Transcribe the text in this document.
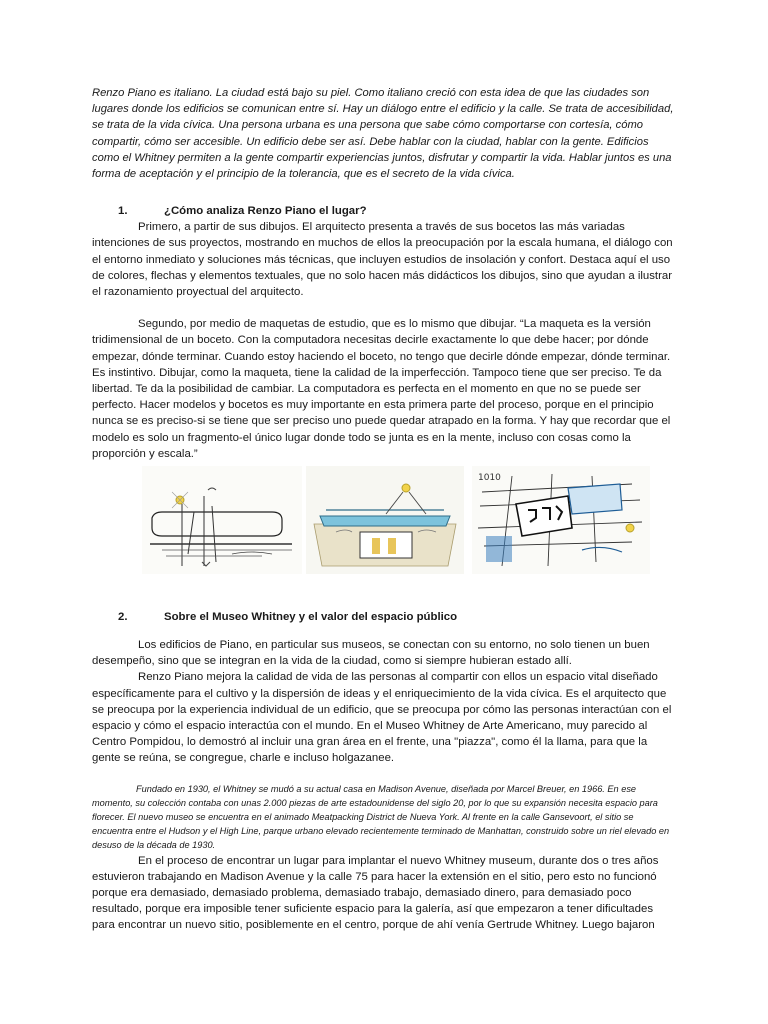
Renzo Piano es italiano. La ciudad está bajo su piel. Como italiano creció con esta idea de que las ciudades son lugares donde los edificios se comunican entre sí. Hay un diálogo entre el edificio y la calle. Se trata de accesibilidad, se trata de la vida cívica. Una persona urbana es una persona que sabe cómo comportarse con cortesía, cómo compartir, cómo ser accesible. Un edificio debe ser así. Debe hablar con la ciudad, hablar con la gente. Edificios como el Whitney permiten a la gente compartir experiencias juntos, disfrutar y compartir la vida. Hablar juntos es una forma de aceptación y el principio de la tolerancia, que es el secreto de la vida cívica.

1.	¿Cómo analiza Renzo Piano el lugar?

Primero, a partir de sus dibujos. El arquitecto presenta a través de sus bocetos las más variadas intenciones de sus proyectos, mostrando en muchos de ellos la preocupación por la escala humana, el diálogo con el entorno inmediato y soluciones más técnicas, que incluyen estudios de insolación y confort. Destaca aquí el uso de colores, flechas y elementos textuales, que no solo hacen más didácticos los dibujos, sino que ayudan a ilustrar el razonamiento proyectual del arquitecto.

Segundo, por medio de maquetas de estudio, que es lo mismo que dibujar. “La maqueta es la versión tridimensional de un boceto. Con la computadora necesitas decirle exactamente lo que debe hacer; por dónde empezar, dónde terminar. Cuando estoy haciendo el boceto, no tengo que decirle dónde empezar, dónde terminar. Es instintivo. Dibujar, como la maqueta, tiene la calidad de la imperfección. Tampoco tiene que ser preciso. Te da libertad. Te da la posibilidad de cambiar. La computadora es perfecta en el momento en que no se puede ser perfecto. Hacer modelos y bocetos es muy importante en esta primera parte del proceso, porque en el principio nunca se es preciso-si se tiene que ser preciso uno puede quedar atrapado en la forma. Y hay que recordar que el modelo es solo un fragmento-el único lugar donde todo se junta es en la mente, incluso con cosas como la proporción y escala.”

1010
2.	Sobre el Museo Whitney y el valor del espacio público

Los edificios de Piano, en particular sus museos, se conectan con su entorno, no solo tienen un buen desempeño, sino que se integran en la vida de la ciudad, como si siempre hubieran estado allí.

Renzo Piano mejora la calidad de vida de las personas al compartir con ellos un espacio vital diseñado específicamente para el cultivo y la dispersión de ideas y el enriquecimiento de la vida cívica. Es el arquitecto que se preocupa por la experiencia individual de un edificio, que se preocupa por cómo las personas interactúan con el espacio y cómo el espacio interactúa con el mundo. En el Museo Whitney de Arte Americano, muy parecido al Centro Pompidou, lo demostró al incluir una gran área en el frente, una "piazza", como él la llama, para que la gente se reúna, se congregue, charle e incluso holgazanee.

Fundado en 1930, el Whitney se mudó a su actual casa en Madison Avenue, diseñada por Marcel Breuer, en 1966. En ese momento, su colección contaba con unas 2.000 piezas de arte estadounidense del siglo 20, por lo que su expansión necesita espacio para florecer. El nuevo museo se encuentra en el animado Meatpacking District de Nueva York. Al frente en la calle Gansevoort, el sitio se encuentra entre el Hudson y el High Line, parque urbano elevado recientemente terminado de Manhattan, construido sobre un riel elevado en desuso de la década de 1930.

En el proceso de encontrar un lugar para implantar el nuevo Whitney museum, durante dos o tres años estuvieron trabajando en Madison Avenue y la calle 75 para hacer la extensión en el sitio, pero esto no funcionó porque era demasiado, demasiado problema, demasiado trabajo, demasiado dinero, para demasiado poco resultado, porque era imposible tener suficiente espacio para la galería, así que empezaron a tener dificultades para encontrar un nuevo sitio, posiblemente en el centro, porque de ahí venía Gertrude Whitney. Luego bajaron
